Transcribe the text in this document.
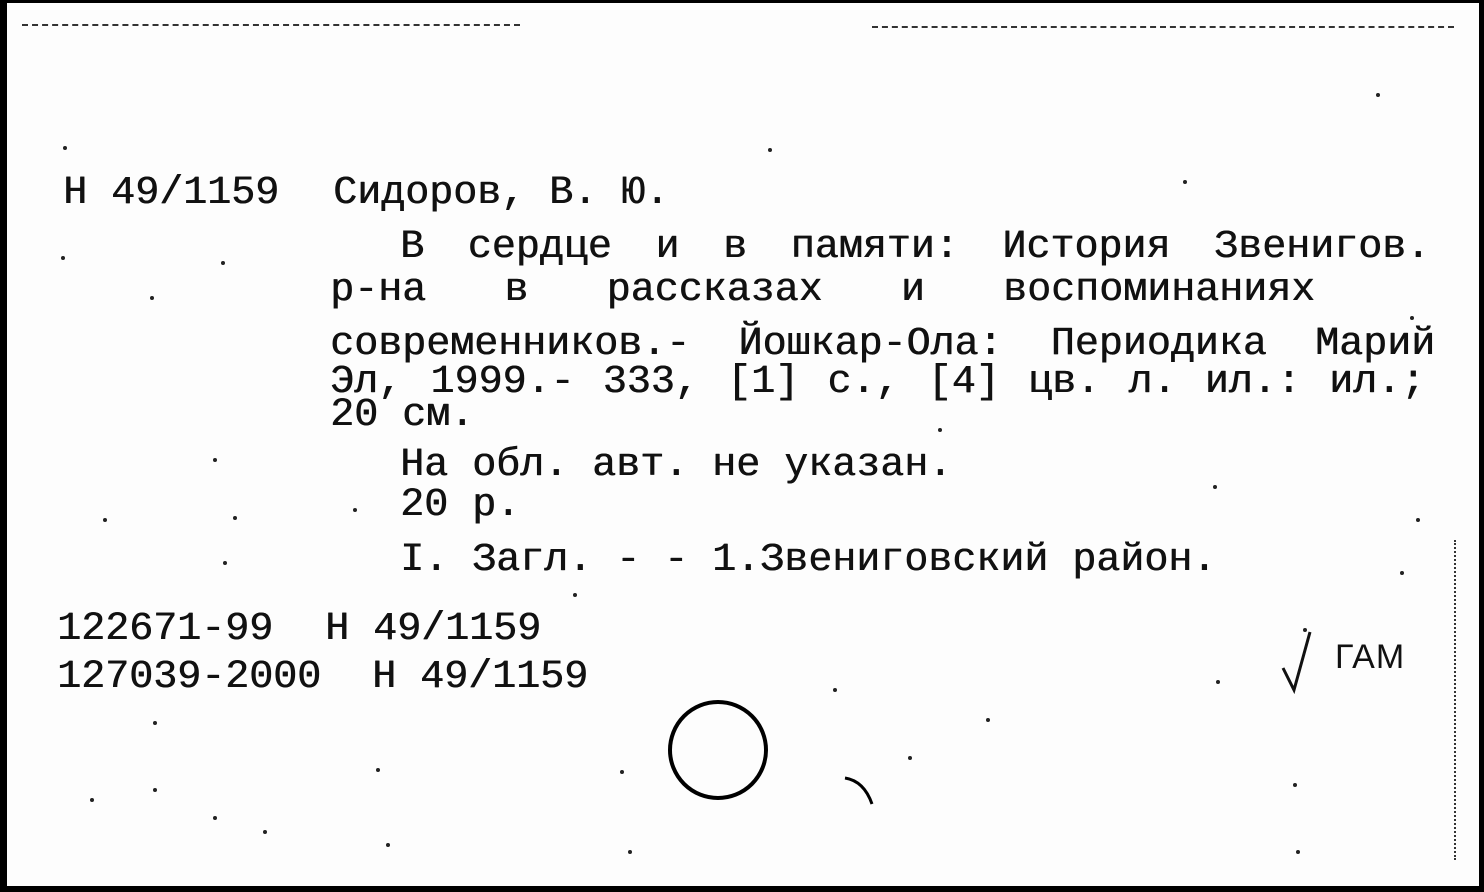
Н 49/1159 Сидоров, В. Ю.
В сердце и в памяти: История Звенигов.
р-на в рассказах и воспоминаниях
современников.- Йошкар-Ола: Периодика Марий
Эл, 1999.- 333, [1] с., [4] цв. л. ил.: ил.;
20 см.
На обл. авт. не указан.
20 р.
I. Загл. - - 1.Звениговский район.
122671-99 Н 49/1159
127039-2000 Н 49/1159	ГАМ
